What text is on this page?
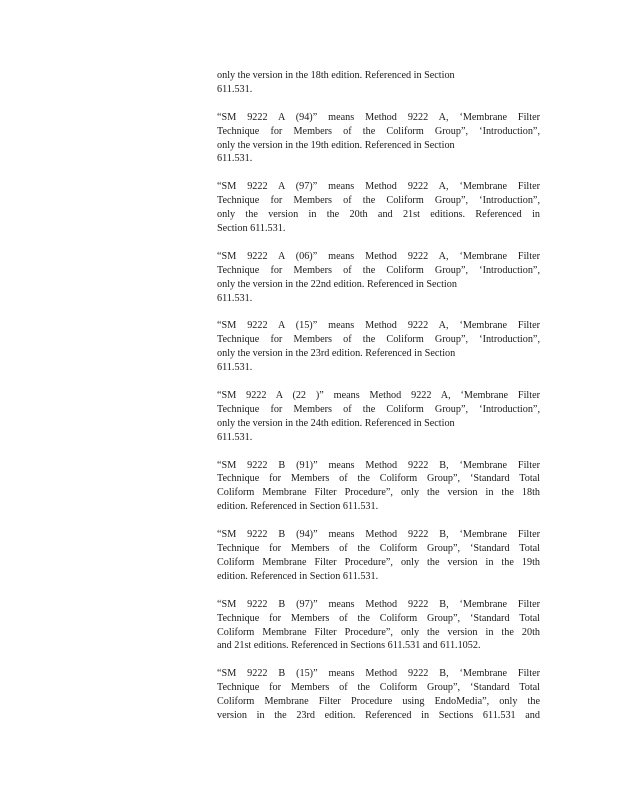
only the version in the 18th edition. Referenced in Section
611.531.
“SM 9222 A (94)” means Method 9222 A, ‘Membrane Filter
Technique for Members of the Coliform Group”, ‘Introduction”,
only the version in the 19th edition. Referenced in Section
611.531.
“SM 9222 A (97)” means Method 9222 A, ‘Membrane Filter
Technique for Members of the Coliform Group”, ‘Introduction”,
only the version in the 20th and 21st editions. Referenced in
Section 611.531.
“SM 9222 A (06)” means Method 9222 A, ‘Membrane Filter
Technique for Members of the Coliform Group”, ‘Introduction”,
only the version in the 22nd edition. Referenced in Section
611.531.
“SM 9222 A (15)” means Method 9222 A, ‘Membrane Filter
Technique for Members of the Coliform Group”, ‘Introduction”,
only the version in the 23rd edition. Referenced in Section
611.531.
“SM 9222 A (22 )” means Method 9222 A, ‘Membrane Filter
Technique for Members of the Coliform Group”, ‘Introduction”,
only the version in the 24th edition. Referenced in Section
611.531.
“SM 9222 B (91)” means Method 9222 B, ‘Membrane Filter
Technique for Members of the Coliform Group”, ‘Standard Total
Coliform Membrane Filter Procedure”, only the version in the 18th
edition. Referenced in Section 611.531.
“SM 9222 B (94)” means Method 9222 B, ‘Membrane Filter
Technique for Members of the Coliform Group”, ‘Standard Total
Coliform Membrane Filter Procedure”, only the version in the 19th
edition. Referenced in Section 611.531.
“SM 9222 B (97)” means Method 9222 B, ‘Membrane Filter
Technique for Members of the Coliform Group”, ‘Standard Total
Coliform Membrane Filter Procedure”, only the version in the 20th
and 21st editions. Referenced in Sections 611.531 and 611.1052.
“SM 9222 B (15)” means Method 9222 B, ‘Membrane Filter
Technique for Members of the Coliform Group”, ‘Standard Total
Coliform Membrane Filter Procedure using EndoMedia”, only the
version in the 23rd edition. Referenced in Sections 611.531 and
